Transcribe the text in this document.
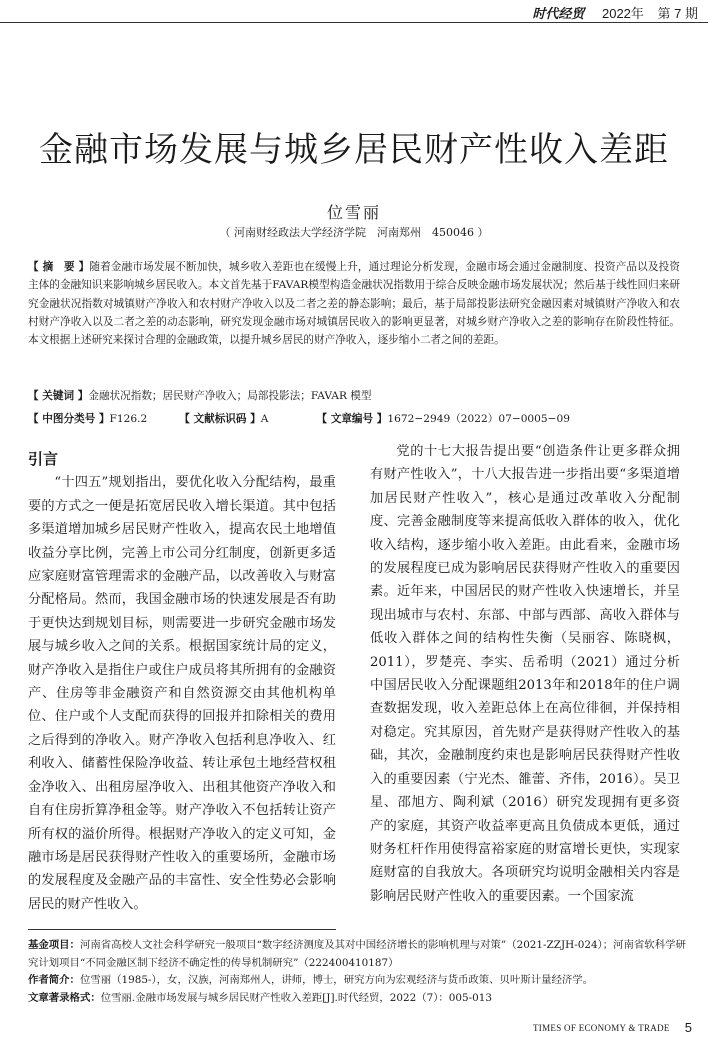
时代经贸 2022年 第 7 期
金融市场发展与城乡居民财产性收入差距
位雪丽
（ 河南财经政法大学经济学院　河南郑州　450046 ）
【 摘　要 】随着金融市场发展不断加快，城乡收入差距也在缓慢上升，通过理论分析发现，金融市场会通过金融制度、投资产品以及投资主体的金融知识来影响城乡居民收入。本文首先基于FAVAR模型构造金融状况指数用于综合反映金融市场发展状况；然后基于线性回归来研究金融状况指数对城镇财产净收入和农村财产净收入以及二者之差的静态影响；最后，基于局部投影法研究金融因素对城镇财产净收入和农村财产净收入以及二者之差的动态影响，研究发现金融市场对城镇居民收入的影响更显著，对城乡财产净收入之差的影响存在阶段性特征。本文根据上述研究来探讨合理的金融政策，以提升城乡居民的财产净收入，逐步缩小二者之间的差距。
【 关键词 】金融状况指数；居民财产净收入；局部投影法；FAVAR 模型
【 中图分类号 】F126.2	【 文献标识码 】A	【 文章编号 】1672−2949（2022）07−0005−09

引言

“十四五”规划指出，要优化收入分配结构，最重要的方式之一便是拓宽居民收入增长渠道。其中包括多渠道增加城乡居民财产性收入，提高农民土地增值收益分享比例，完善上市公司分红制度，创新更多适应家庭财富管理需求的金融产品，以改善收入与财富分配格局。然而，我国金融市场的快速发展是否有助于更快达到规划目标，则需要进一步研究金融市场发展与城乡收入之间的关系。根据国家统计局的定义，财产净收入是指住户或住户成员将其所拥有的金融资产、住房等非金融资产和自然资源交由其他机构单位、住户或个人支配而获得的回报并扣除相关的费用之后得到的净收入。财产净收入包括利息净收入、红利收入、储蓄性保险净收益、转让承包土地经营权租金净收入、出租房屋净收入、出租其他资产净收入和自有住房折算净租金等。财产净收入不包括转让资产所有权的溢价所得。根据财产净收入的定义可知，金融市场是居民获得财产性收入的重要场所，金融市场的发展程度及金融产品的丰富性、安全性势必会影响居民的财产性收入。

党的十七大报告提出要“创造条件让更多群众拥有财产性收入”，十八大报告进一步指出要“多渠道增加居民财产性收入”，核心是通过改革收入分配制度、完善金融制度等来提高低收入群体的收入，优化收入结构，逐步缩小收入差距。由此看来，金融市场的发展程度已成为影响居民获得财产性收入的重要因素。近年来，中国居民的财产性收入快速增长，并呈现出城市与农村、东部、中部与西部、高收入群体与低收入群体之间的结构性失衡（吴丽容、陈晓枫，2011），罗楚亮、李实、岳希明（2021）通过分析中国居民收入分配课题组2013年和2018年的住户调查数据发现，收入差距总体上在高位徘徊，并保持相对稳定。究其原因，首先财产是获得财产性收入的基础，其次，金融制度约束也是影响居民获得财产性收入的重要因素（宁光杰、雒蕾、齐伟，2016）。吴卫星、邵旭方、陶利斌（2016）研究发现拥有更多资产的家庭，其资产收益率更高且负债成本更低，通过财务杠杆作用使得富裕家庭的财富增长更快，实现家庭财富的自我放大。各项研究均说明金融相关内容是影响居民财产性收入的重要因素。一个国家流

基金项目：河南省高校人文社会科学研究一般项目“数字经济测度及其对中国经济增长的影响机理与对策”（2021-ZZJH-024）；河南省软科学研究计划项目“不同金融区制下经济不确定性的传导机制研究”（222400410187）
作者简介：位雪丽（1985-），女，汉族，河南郑州人，讲师，博士，研究方向为宏观经济与货币政策、贝叶斯计量经济学。
文章著录格式：位雪丽.金融市场发展与城乡居民财产性收入差距[J].时代经贸，2022（7）：005-013
TIMES OF ECONOMY & TRADE 5
